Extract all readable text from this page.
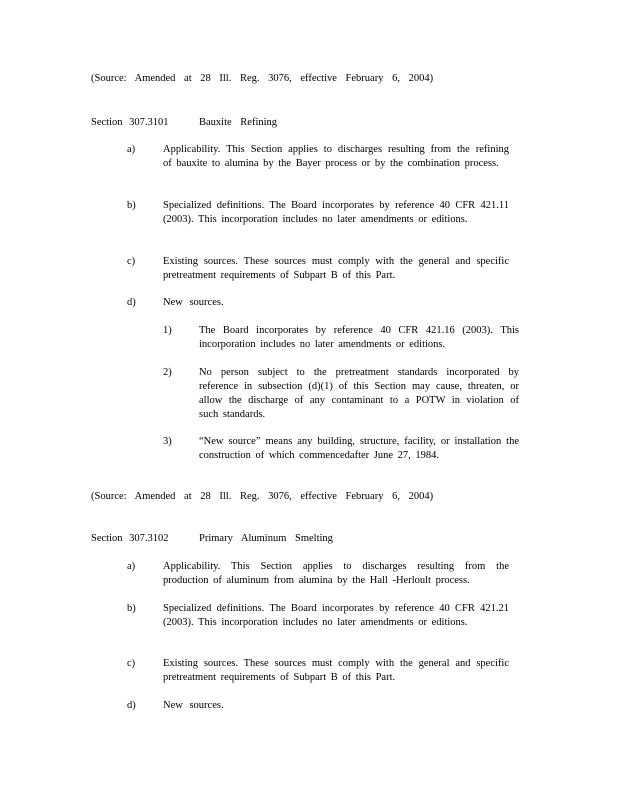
(Source: Amended at 28 Ill. Reg. 3076, effective February 6, 2004)
Section 307.3101	Bauxite Refining
a)	Applicability. This Section applies to discharges resulting from the refining of bauxite to alumina by the Bayer process or by the combination process.
b)	Specialized definitions. The Board incorporates by reference 40 CFR 421.11 (2003). This incorporation includes no later amendments or editions.
c)	Existing sources. These sources must comply with the general and specific pretreatment requirements of Subpart B of this Part.
d)	New sources.
1)	The Board incorporates by reference 40 CFR 421.16 (2003). This incorporation includes no later amendments or editions.
2)	No person subject to the pretreatment standards incorporated by reference in subsection (d)(1) of this Section may cause, threaten, or allow the discharge of any contaminant to a POTW in violation of such standards.
3)	“New source” means any building, structure, facility, or installation the construction of which commencedafter June 27, 1984.
(Source: Amended at 28 Ill. Reg. 3076, effective February 6, 2004)
Section 307.3102	Primary Aluminum Smelting
a)	Applicability. This Section applies to discharges resulting from the production of aluminum from alumina by the Hall -Herloult process.
b)	Specialized definitions. The Board incorporates by reference 40 CFR 421.21 (2003). This incorporation includes no later amendments or editions.
c)	Existing sources. These sources must comply with the general and specific pretreatment requirements of Subpart B of this Part.
d)	New sources.
